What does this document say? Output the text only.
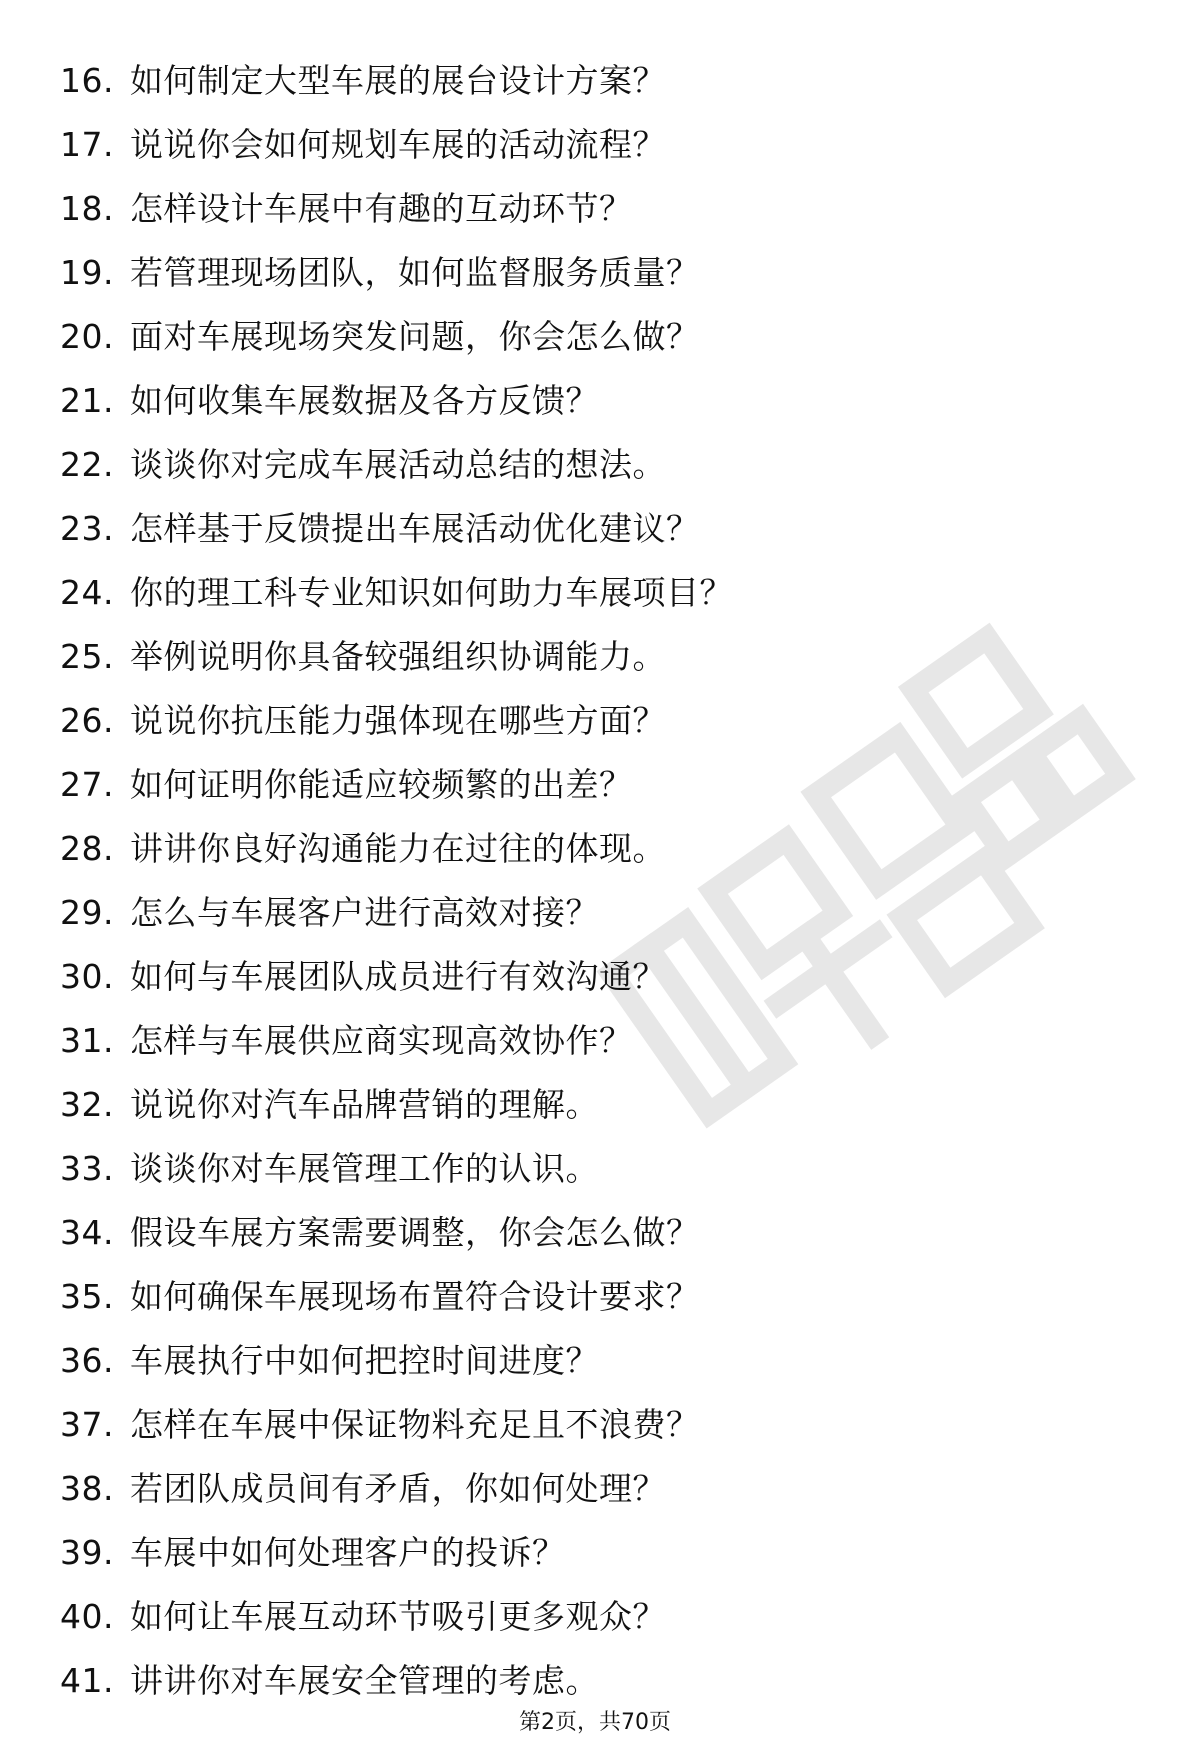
16. 如何制定大型车展的展台设计方案？
17. 说说你会如何规划车展的活动流程？
18. 怎样设计车展中有趣的互动环节？
19. 若管理现场团队，如何监督服务质量？
20. 面对车展现场突发问题，你会怎么做？
21. 如何收集车展数据及各方反馈？
22. 谈谈你对完成车展活动总结的想法。
23. 怎样基于反馈提出车展活动优化建议？
24. 你的理工科专业知识如何助力车展项目？
25. 举例说明你具备较强组织协调能力。
26. 说说你抗压能力强体现在哪些方面？
27. 如何证明你能适应较频繁的出差？
28. 讲讲你良好沟通能力在过往的体现。
29. 怎么与车展客户进行高效对接？
30. 如何与车展团队成员进行有效沟通？
31. 怎样与车展供应商实现高效协作？
32. 说说你对汽车品牌营销的理解。
33. 谈谈你对车展管理工作的认识。
34. 假设车展方案需要调整，你会怎么做？
35. 如何确保车展现场布置符合设计要求？
36. 车展执行中如何把控时间进度？
37. 怎样在车展中保证物料充足且不浪费？
38. 若团队成员间有矛盾，你如何处理？
39. 车展中如何处理客户的投诉？
40. 如何让车展互动环节吸引更多观众？
41. 讲讲你对车展安全管理的考虑。
第2页，共70页
